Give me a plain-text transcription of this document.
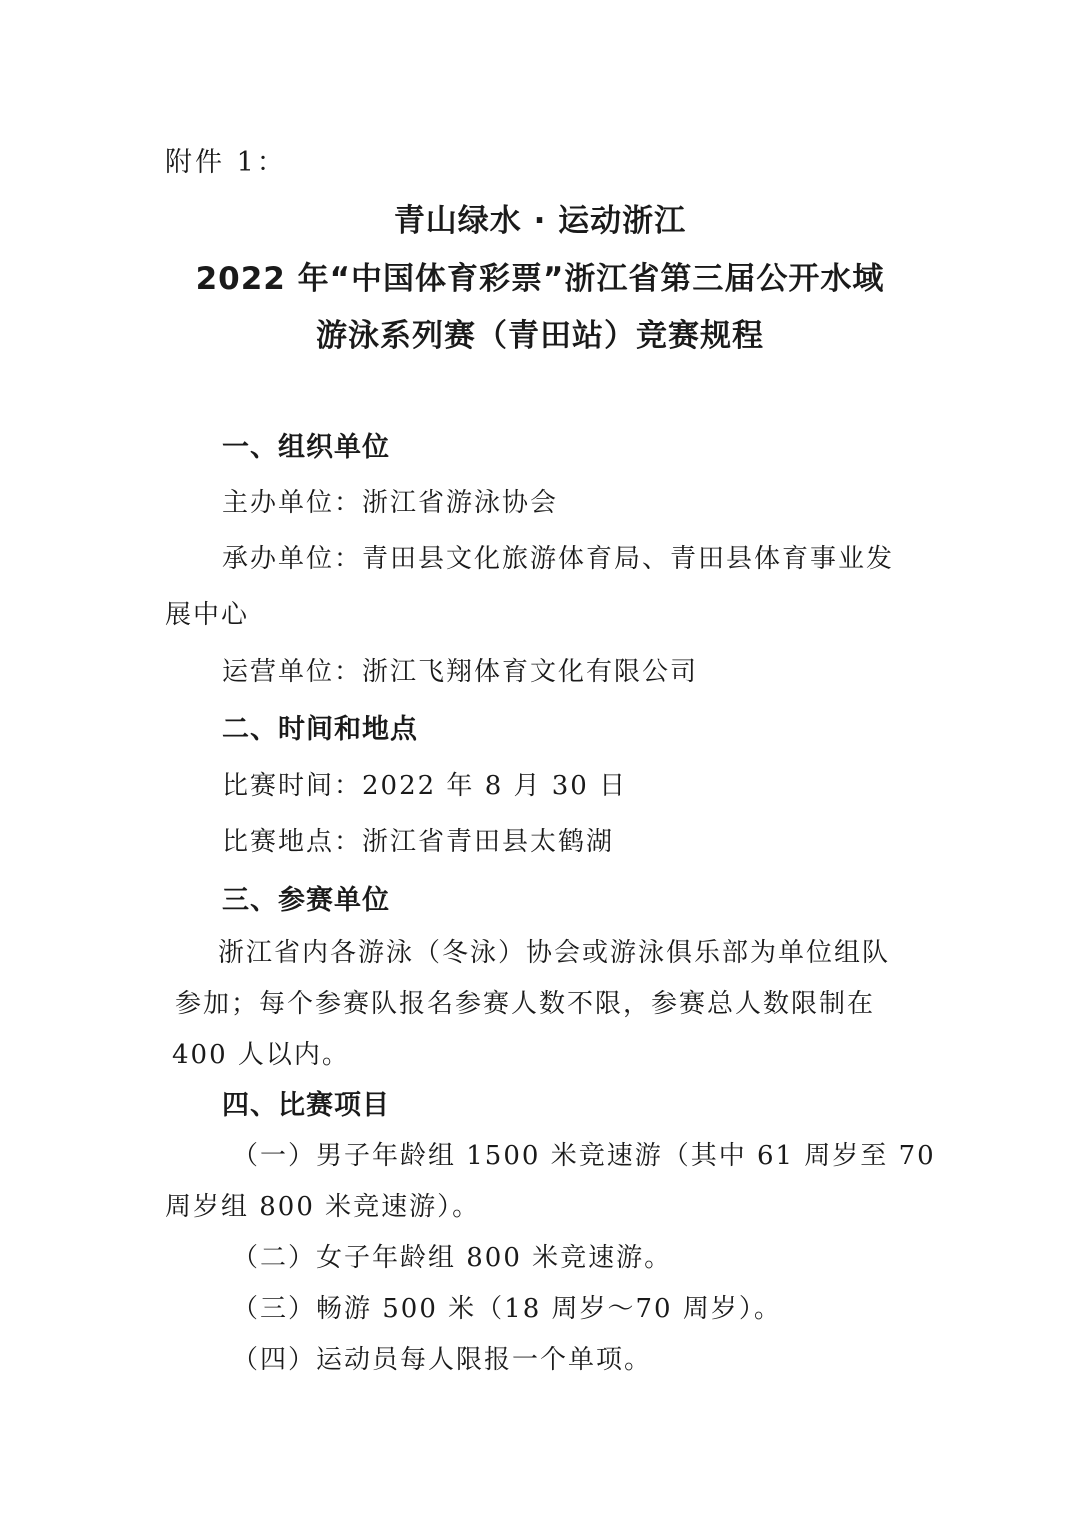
附件 1：
青山绿水 · 运动浙江
2022 年“中国体育彩票”浙江省第三届公开水域
游泳系列赛（青田站）竞赛规程
一、组织单位
主办单位：浙江省游泳协会
承办单位：青田县文化旅游体育局、青田县体育事业发
展中心
运营单位：浙江飞翔体育文化有限公司
二、时间和地点
比赛时间：2022 年 8 月 30 日
比赛地点：浙江省青田县太鹤湖
三、参赛单位
浙江省内各游泳（冬泳）协会或游泳俱乐部为单位组队
参加；每个参赛队报名参赛人数不限，参赛总人数限制在
400 人以内。
四、比赛项目
（一）男子年龄组 1500 米竞速游（其中 61 周岁至 70
周岁组 800 米竞速游）。
（二）女子年龄组 800 米竞速游。
（三）畅游 500 米（18 周岁～70 周岁）。
（四）运动员每人限报一个单项。
